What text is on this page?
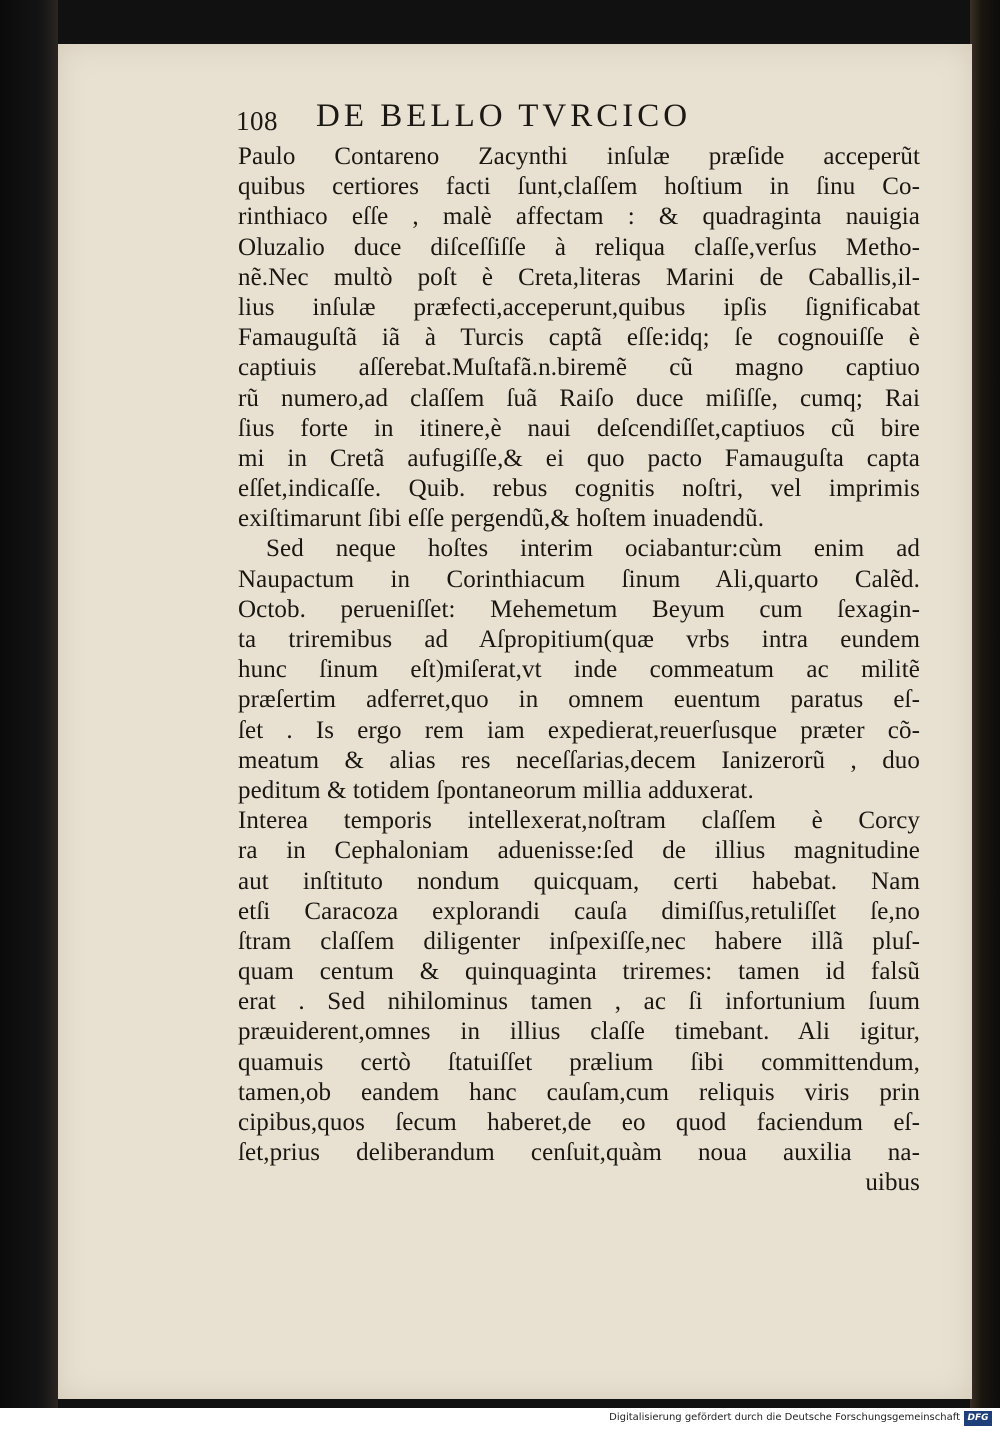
108 DE BELLO TVRCICO
Paulo Contareno Zacynthi inſulæ præſide acceperũt
quibus certiores facti ſunt,claſſem hoſtium in ſinu Co-
rinthiaco eſſe , malè affectam : & quadraginta nauigia
Oluzalio duce diſceſſiſſe à reliqua claſſe,verſus Metho-
nẽ.Nec multò poſt è Creta,literas Marini de Caballis,il-
lius inſulæ præfecti,acceperunt,quibus ipſis ſignificabat
Famauguſtã iã à Turcis captã eſſe:idq; ſe cognouiſſe è
captiuis aſſerebat.Muſtafã.n.biremẽ cũ magno captiuo
rũ numero,ad claſſem ſuã Raiſo duce miſiſſe, cumq; Rai
ſius forte in itinere,è naui deſcendiſſet,captiuos cũ bire
mi in Cretã aufugiſſe,& ei quo pacto Famauguſta capta
eſſet,indicaſſe. Quib. rebus cognitis noſtri, vel imprimis
exiſtimarunt ſibi eſſe pergendũ,& hoſtem inuadendũ.
Sed neque hoſtes interim ociabantur:cùm enim ad
Naupactum in Corinthiacum ſinum Ali,quarto Calẽd.
Octob. perueniſſet: Mehemetum Beyum cum ſexagin-
ta triremibus ad Aſpropitium(quæ vrbs intra eundem
hunc ſinum eſt)miſerat,vt inde commeatum ac militẽ
præſertim adferret,quo in omnem euentum paratus eſ-
ſet . Is ergo rem iam expedierat,reuerſusque præter cõ-
meatum & alias res neceſſarias,decem Ianizerorũ , duo
peditum & totidem ſpontaneorum millia adduxerat.
Interea temporis intellexerat,noſtram claſſem è Corcy
ra in Cephaloniam aduenisse:ſed de illius magnitudine
aut inſtituto nondum quicquam, certi habebat. Nam
etſi Caracoza explorandi cauſa dimiſſus,retuliſſet ſe,no
ſtram claſſem diligenter inſpexiſſe,nec habere illã pluſ-
quam centum & quinquaginta triremes: tamen id falsũ
erat . Sed nihilominus tamen , ac ſi infortunium ſuum
præuiderent,omnes in illius claſſe timebant. Ali igitur,
quamuis certò ſtatuiſſet prælium ſibi committendum,
tamen,ob eandem hanc cauſam,cum reliquis viris prin
cipibus,quos ſecum haberet,de eo quod faciendum eſ-
ſet,prius deliberandum cenſuit,quàm noua auxilia na-
uibus
Digitalisierung gefördert durch die Deutsche Forschungsgemeinschaft DFG
